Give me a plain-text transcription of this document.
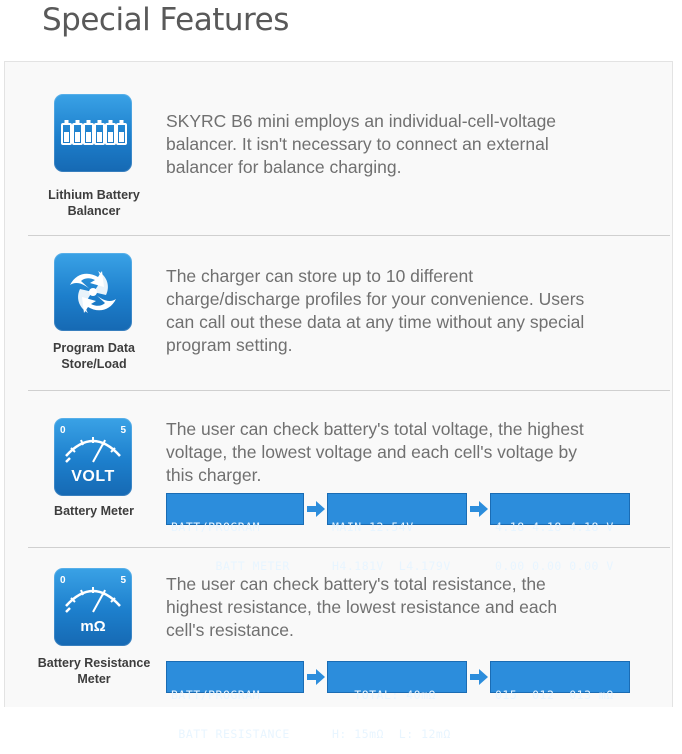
Special Features
Lithium Battery
Balancer
SKYRC B6 mini employs an individual-cell-voltage
balancer. It isn't necessary to connect an external
balancer for balance charging.
Program Data
Store/Load
The charger can store up to 10 different
charge/discharge profiles for your convenience. Users
can call out these data at any time without any special
program setting.
0	5
VOLT
Battery Meter
The user can check battery's total voltage, the highest
voltage, the lowest voltage and each cell's voltage by
this charger.

BATT/PROGRAM

BATT METER

MAIN 12.54V

H4.181V  L4.179V

4.18 4.18 4.18 V

0.00 0.00 0.00 V

0	5
mΩ
Battery Resistance
Meter
The user can check battery's total resistance, the
highest resistance, the lowest resistance and each
cell's resistance.

BATT/PROGRAM

BATT RESISTANCE

TOTAL: 40mΩ

H: 15mΩ  L: 12mΩ

015  012  013 mΩ
